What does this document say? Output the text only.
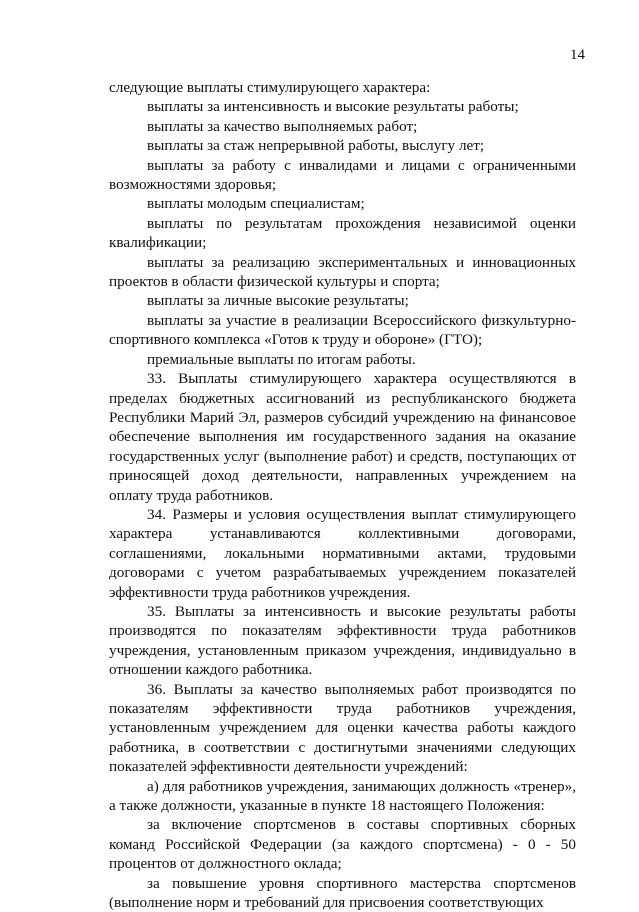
14

следующие выплаты стимулирующего характера:

выплаты за интенсивность и высокие результаты работы;

выплаты за качество выполняемых работ;

выплаты за стаж непрерывной работы, выслугу лет;

выплаты за работу с инвалидами и лицами с ограниченными возможностями здоровья;

выплаты молодым специалистам;

выплаты по результатам прохождения независимой оценки квалификации;

выплаты за реализацию экспериментальных и инновационных проектов в области физической культуры и спорта;

выплаты за личные высокие результаты;

выплаты за участие в реализации Всероссийского физкультурно-спортивного комплекса «Готов к труду и обороне» (ГТО);

премиальные выплаты по итогам работы.

33. Выплаты стимулирующего характера осуществляются в пределах бюджетных ассигнований из республиканского бюджета Республики Марий Эл, размеров субсидий учреждению на финансовое обеспечение выполнения им государственного задания на оказание государственных услуг (выполнение работ) и средств, поступающих от приносящей доход деятельности, направленных учреждением на оплату труда работников.

34. Размеры и условия осуществления выплат стимулирующего характера устанавливаются коллективными договорами, соглашениями, локальными нормативными актами, трудовыми договорами с учетом разрабатываемых учреждением показателей эффективности труда работников учреждения.

35. Выплаты за интенсивность и высокие результаты работы производятся по показателям эффективности труда работников учреждения, установленным приказом учреждения, индивидуально в отношении каждого работника.

36. Выплаты за качество выполняемых работ производятся по показателям эффективности труда работников учреждения, установленным учреждением для оценки качества работы каждого работника, в соответствии с достигнутыми значениями следующих показателей эффективности деятельности учреждений:

а) для работников учреждения, занимающих должность «тренер», а также должности, указанные в пункте 18 настоящего Положения:

за включение спортсменов в составы спортивных сборных команд Российской Федерации (за каждого спортсмена) - 0 - 50 процентов от должностного оклада;

за повышение уровня спортивного мастерства спортсменов (выполнение норм и требований для присвоения соответствующих
